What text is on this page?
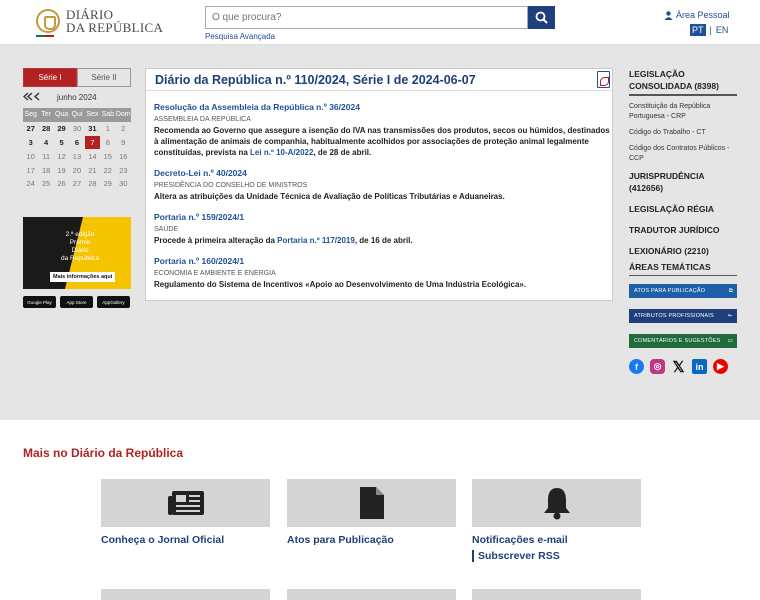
DIÁRIO
DA REPÚBLICA
O que procura?
Pesquisa Avançada
Área Pessoal
PT | EN
Série I	Série II
junho 2024
Seg Ter Qua Qui Sex Sab Dom
27 28 29 30 31	1	2
3	4	5	6	7	8	9
10 11 12 13 14 15 16
17 18 19 20 21 22 23
24 25 26 27 28 29 30
2.ª edição
Prémio
Diário
da República
Mais informações aqui
Google Play	App Store	AppGallery
Diário da República n.º 110/2024, Série I de 2024-06-07
Resolução da Assembleia da República n.º 36/2024
ASSEMBLEIA DA REPÚBLICA
Recomenda ao Governo que assegure a isenção do IVA nas transmissões dos produtos, secos ou húmidos, destinados à alimentação de animais de companhia, habitualmente acolhidos por associações de proteção animal legalmente constituídas, prevista na Lei n.º 10-A/2022, de 28 de abril.
Decreto-Lei n.º 40/2024
PRESIDÊNCIA DO CONSELHO DE MINISTROS
Altera as atribuições da Unidade Técnica de Avaliação de Políticas Tributárias e Aduaneiras.
Portaria n.º 159/2024/1
SAÚDE
Procede à primeira alteração da Portaria n.º 117/2019, de 16 de abril.
Portaria n.º 160/2024/1
ECONOMIA E AMBIENTE E ENERGIA
Regulamento do Sistema de Incentivos «Apoio ao Desenvolvimento de Uma Indústria Ecológica».
LEGISLAÇÃO CONSOLIDADA (8398)
Constituição da República Portuguesa - CRP
Código do Trabalho - CT
Código dos Contratos Públicos - CCP
JURISPRUDÊNCIA (412656)
LEGISLAÇÃO RÉGIA
TRADUTOR JURÍDICO
LEXIONÁRIO (2210)
ÁREAS TEMÁTICAS
ATOS PARA PUBLICAÇÃO	⧉
ATRIBUTOS PROFISSIONAIS	⇤
COMENTÁRIOS E SUGESTÕES ▭
f	◎ 𝕏	in	▶
Mais no Diário da República
Conheça o Jornal Oficial	Atos para Publicação	Notificações e-mail
Subscrever RSS
